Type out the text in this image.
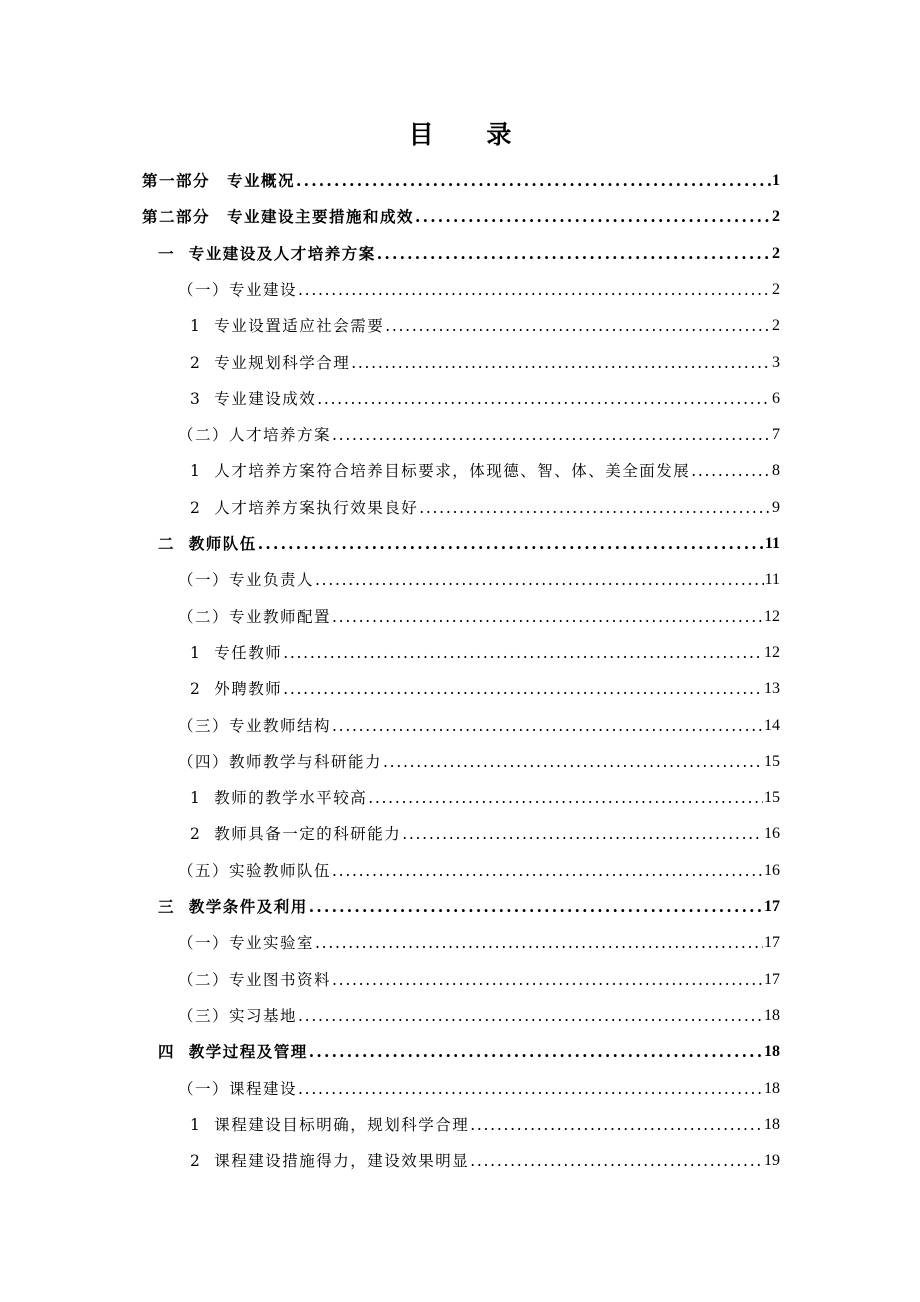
目 录
第一部分　专业概况 . . .	1
第二部分　专业建设主要措施和成效 . . .	2
一  专业建设及人才培养方案 . . .	2
（一）专业建设 . . .	2
1  专业设置适应社会需要 . . .	2
2  专业规划科学合理 . . .	3
3  专业建设成效 . . .	6
（二）人才培养方案 . . .	7
1  人才培养方案符合培养目标要求，体现德、智、体、美全面发展 . . .	8
2  人才培养方案执行效果良好 . . .	9
二  教师队伍 . . .	11
（一）专业负责人 . . .	11
（二）专业教师配置 . . .	12
1  专任教师 . . .	12
2  外聘教师 . . .	13
（三）专业教师结构 . . .	14
（四）教师教学与科研能力 . . .	15
1  教师的教学水平较高 . . .	15
2  教师具备一定的科研能力 . . .	16
（五）实验教师队伍 . . .	16
三  教学条件及利用 . . .	17
（一）专业实验室 . . .	17
（二）专业图书资料 . . .	17
（三）实习基地 . . .	18
四  教学过程及管理 . . .	18
（一）课程建设 . . .	18
1  课程建设目标明确，规划科学合理 . . .	18
2  课程建设措施得力，建设效果明显 . . .	19
